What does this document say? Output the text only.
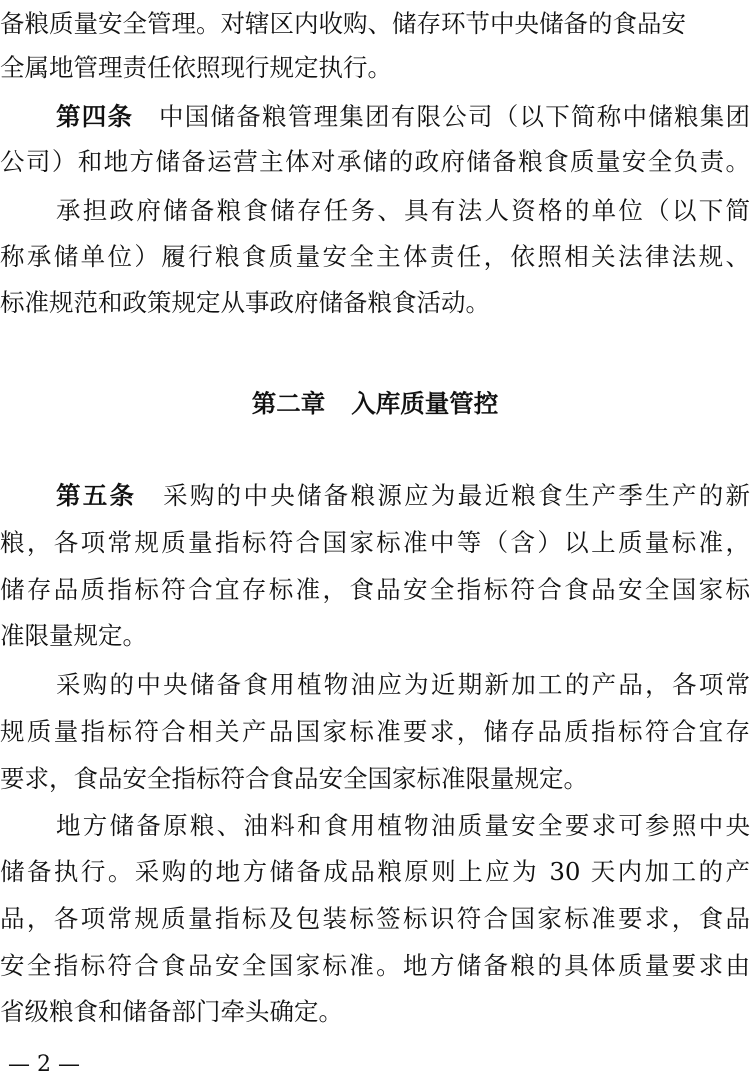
备粮质量安全管理。对辖区内收购、储存环节中央储备的食品安
全属地管理责任依照现行规定执行。
第四条　 中国储备粮管理集团有限公司（以下简称中储粮集团
公司）和地方储备运营主体对承储的政府储备粮食质量安全负责。
承担政府储备粮食储存任务、具有法人资格的单位（以下简
称承储单位）履行粮食质量安全主体责任，依照相关法律法规、
标准规范和政策规定从事政府储备粮食活动。
第二章 入库质量管控
第五条　 采购的中央储备粮源应为最近粮食生产季生产的新
粮，各项常规质量指标符合国家标准中等（含）以上质量标准，
储存品质指标符合宜存标准，食品安全指标符合食品安全国家标
准限量规定。
采购的中央储备食用植物油应为近期新加工的产品，各项常
规质量指标符合相关产品国家标准要求，储存品质指标符合宜存
要求，食品安全指标符合食品安全国家标准限量规定。
地方储备原粮、油料和食用植物油质量安全要求可参照中央
储备执行。采购的地方储备成品粮原则上应为 30 天内加工的产
品，各项常规质量指标及包装标签标识符合国家标准要求，食品
安全指标符合食品安全国家标准。地方储备粮的具体质量要求由
省级粮食和储备部门牵头确定。
— 2 —
